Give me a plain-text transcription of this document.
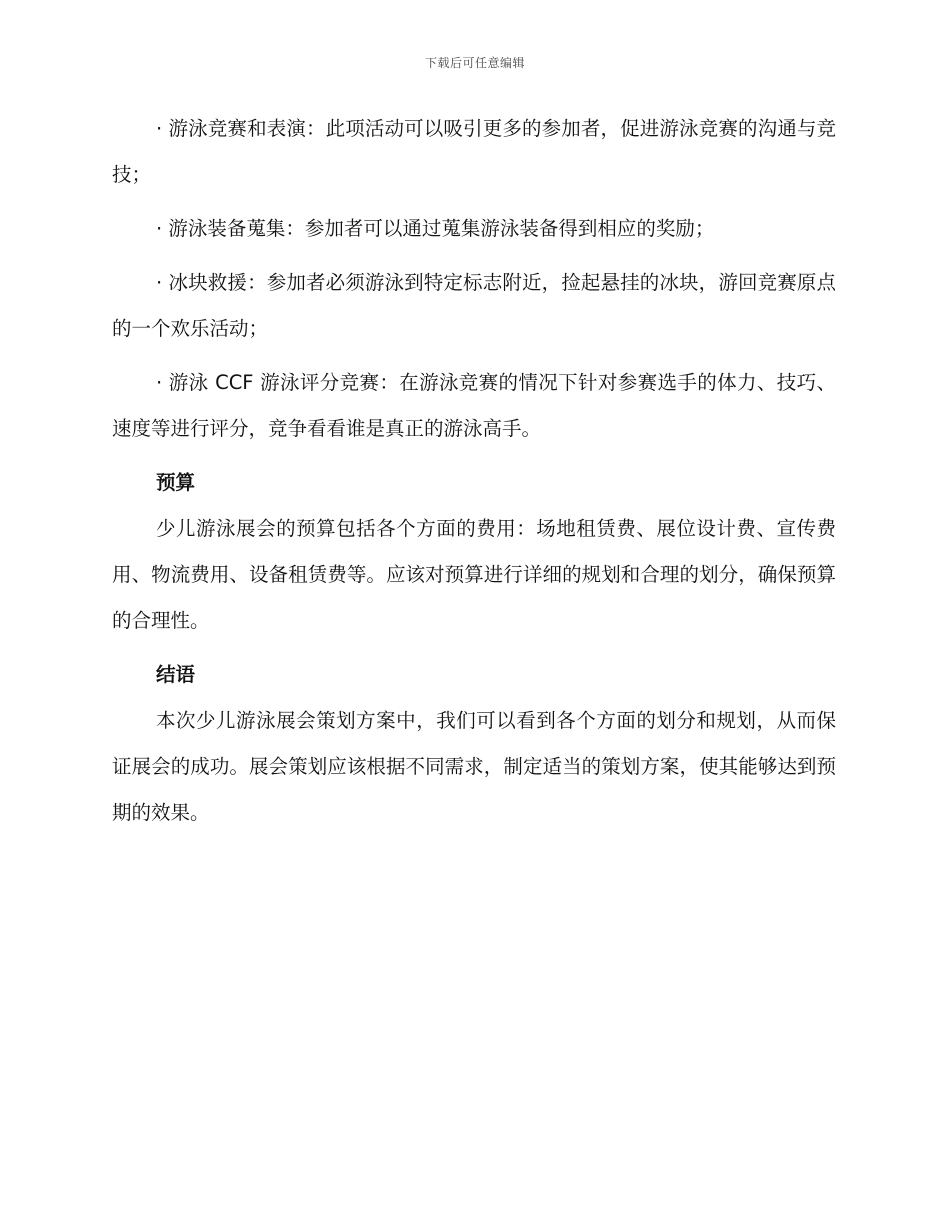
下载后可任意编辑

· 游泳竞赛和表演：此项活动可以吸引更多的参加者，促进游泳竞赛的沟通与竞技；

· 游泳装备蒐集：参加者可以通过蒐集游泳装备得到相应的奖励；

· 冰块救援：参加者必须游泳到特定标志附近，捡起悬挂的冰块，游回竞赛原点的一个欢乐活动；

· 游泳 CCF 游泳评分竞赛：在游泳竞赛的情况下针对参赛选手的体力、技巧、速度等进行评分，竞争看看谁是真正的游泳高手。

预算

少儿游泳展会的预算包括各个方面的费用：场地租赁费、展位设计费、宣传费用、物流费用、设备租赁费等。应该对预算进行详细的规划和合理的划分，确保预算的合理性。

结语

本次少儿游泳展会策划方案中，我们可以看到各个方面的划分和规划，从而保证展会的成功。展会策划应该根据不同需求，制定适当的策划方案，使其能够达到预期的效果。
